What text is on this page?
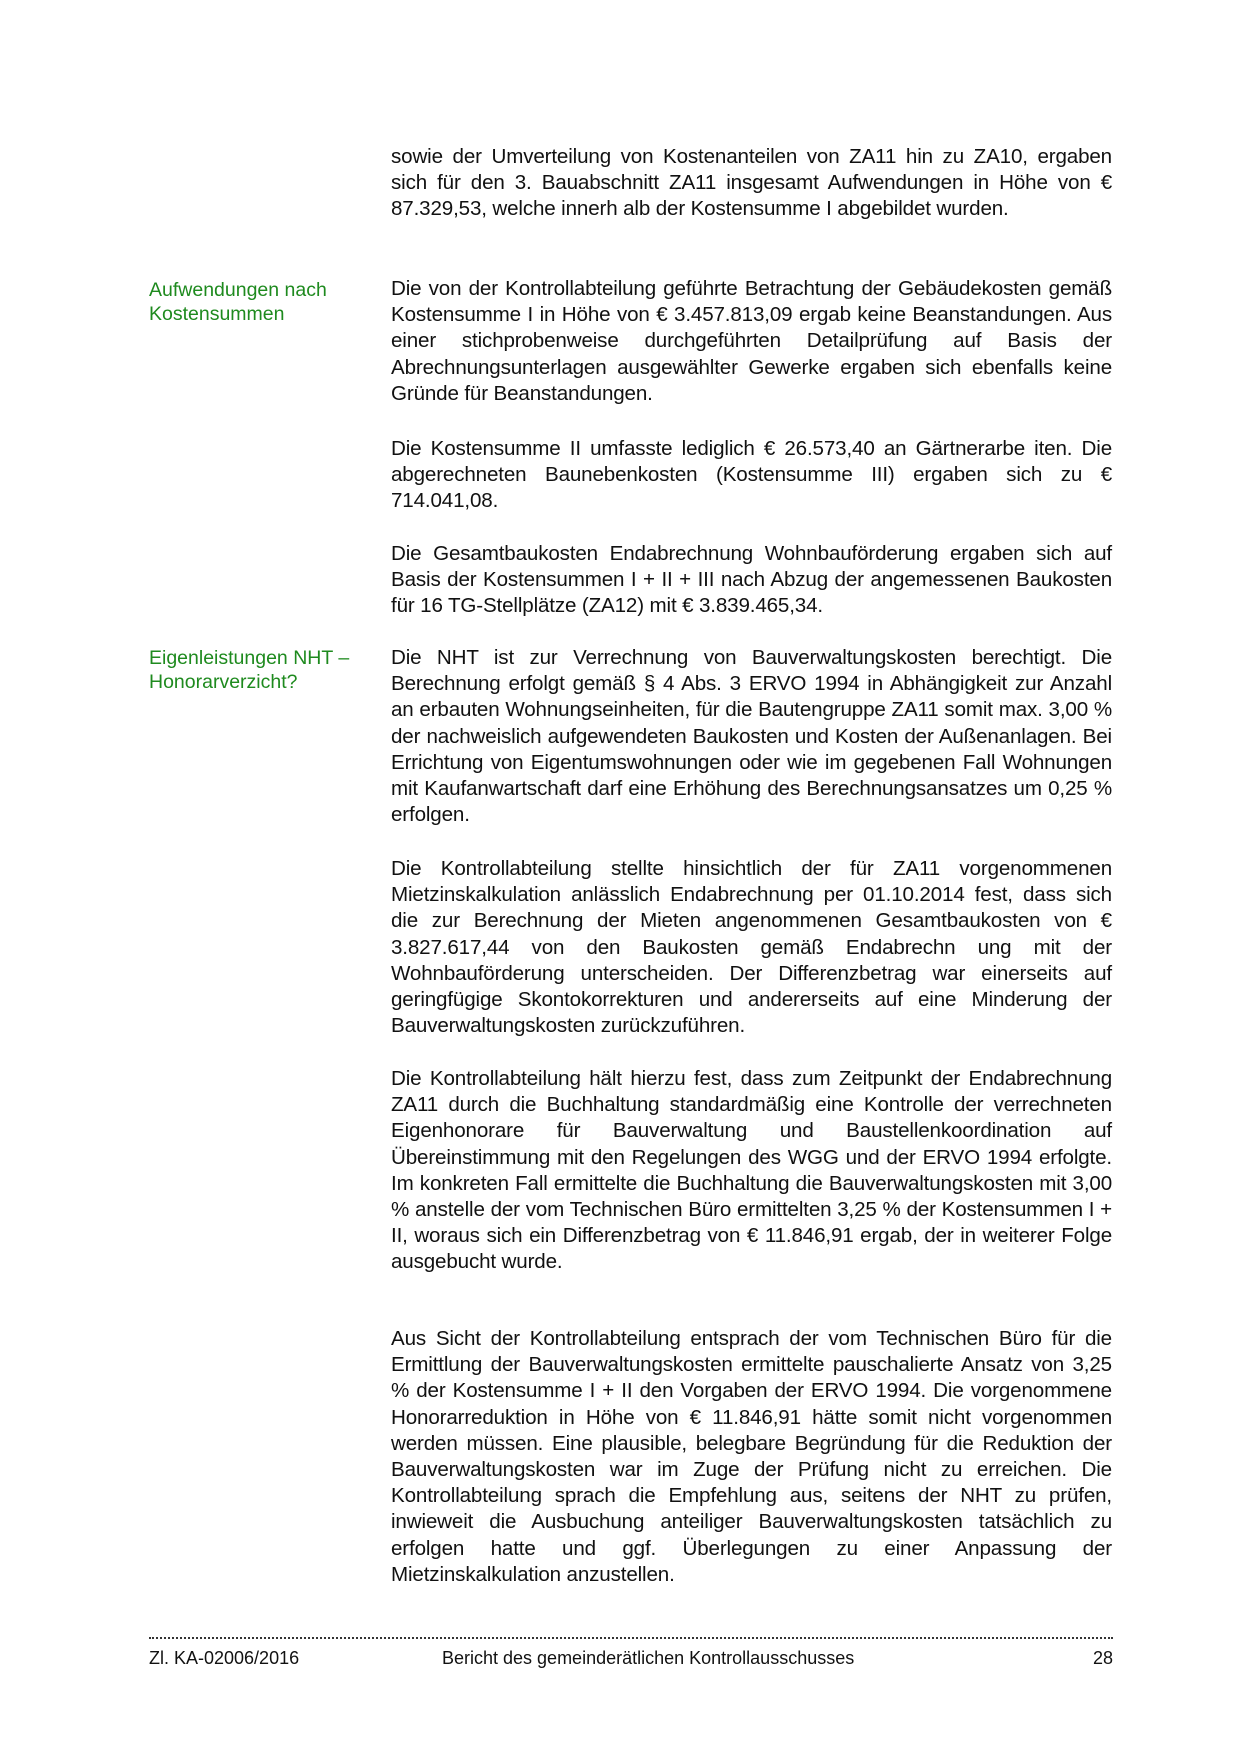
sowie der Umverteilung von Kostenanteilen von ZA11 hin zu ZA10, ergaben sich für den 3. Bauabschnitt ZA11 insgesamt Aufwendungen in Höhe von € 87.329,53, welche innerh alb der Kostensumme I abgebildet wurden.

Aufwendungen nach Kostensummen

Die von der Kontrollabteilung geführte Betrachtung der Gebäudekosten gemäß Kostensumme I in Höhe von € 3.457.813,09 ergab keine Beanstandungen. Aus einer stichprobenweise durchgeführten Detailprüfung auf Basis der Abrechnungsunterlagen ausgewählter Gewerke ergaben sich ebenfalls keine Gründe für Beanstandungen.

Die Kostensumme II umfasste lediglich € 26.573,40 an Gärtnerarbe iten. Die abgerechneten Baunebenkosten (Kostensumme III) ergaben sich zu € 714.041,08.

Die Gesamtbaukosten Endabrechnung Wohnbauförderung ergaben sich auf Basis der Kostensummen I + II + III nach Abzug der angemessenen Baukosten für 16 TG-Stellplätze (ZA12) mit € 3.839.465,34.

Eigenleistungen NHT – Honorarverzicht?

Die NHT ist zur Verrechnung von Bauverwaltungskosten berechtigt. Die Berechnung erfolgt gemäß § 4 Abs. 3 ERVO 1994 in Abhängigkeit zur Anzahl an erbauten Wohnungseinheiten, für die Bautengruppe ZA11 somit max. 3,00 % der nachweislich aufgewendeten Baukosten und Kosten der Außenanlagen. Bei Errichtung von Eigentumswohnungen oder wie im gegebenen Fall Wohnungen mit Kaufanwartschaft darf eine Erhöhung des Berechnungsansatzes um 0,25 % erfolgen.

Die Kontrollabteilung stellte hinsichtlich der für ZA11 vorgenommenen Mietzinskalkulation anlässlich Endabrechnung per 01.10.2014 fest, dass sich die zur Berechnung der Mieten angenommenen Gesamtbaukosten von € 3.827.617,44 von den Baukosten gemäß Endabrechn ung mit der Wohnbauförderung unterscheiden. Der Differenzbetrag war einerseits auf geringfügige Skontokorrekturen und andererseits auf eine Minderung der Bauverwaltungskosten zurückzuführen.

Die Kontrollabteilung hält hierzu fest, dass zum Zeitpunkt der Endabrechnung ZA11 durch die Buchhaltung standardmäßig eine Kontrolle der verrechneten Eigenhonorare für Bauverwaltung und Baustellenkoordination auf Übereinstimmung mit den Regelungen des WGG und der ERVO 1994 erfolgte. Im konkreten Fall ermittelte die Buchhaltung die Bauverwaltungskosten mit 3,00 % anstelle der vom Technischen Büro ermittelten 3,25 % der Kostensummen I + II, woraus sich ein Differenzbetrag von € 11.846,91 ergab, der in weiterer Folge ausgebucht wurde.

Aus Sicht der Kontrollabteilung entsprach der vom Technischen Büro für die Ermittlung der Bauverwaltungskosten ermittelte pauschalierte Ansatz von 3,25 % der Kostensumme I + II den Vorgaben der ERVO 1994. Die vorgenommene Honorarreduktion in Höhe von € 11.846,91 hätte somit nicht vorgenommen werden müssen. Eine plausible, belegbare Begründung für die Reduktion der Bauverwaltungskosten war im Zuge der Prüfung nicht zu erreichen. Die Kontrollabteilung sprach die Empfehlung aus, seitens der NHT zu prüfen, inwieweit die Ausbuchung anteiliger Bauverwaltungskosten tatsächlich zu erfolgen hatte und ggf. Überlegungen zu einer Anpassung der Mietzinskalkulation anzustellen.

Zl. KA-02006/2016	Bericht des gemeinderätlichen Kontrollausschusses	28
